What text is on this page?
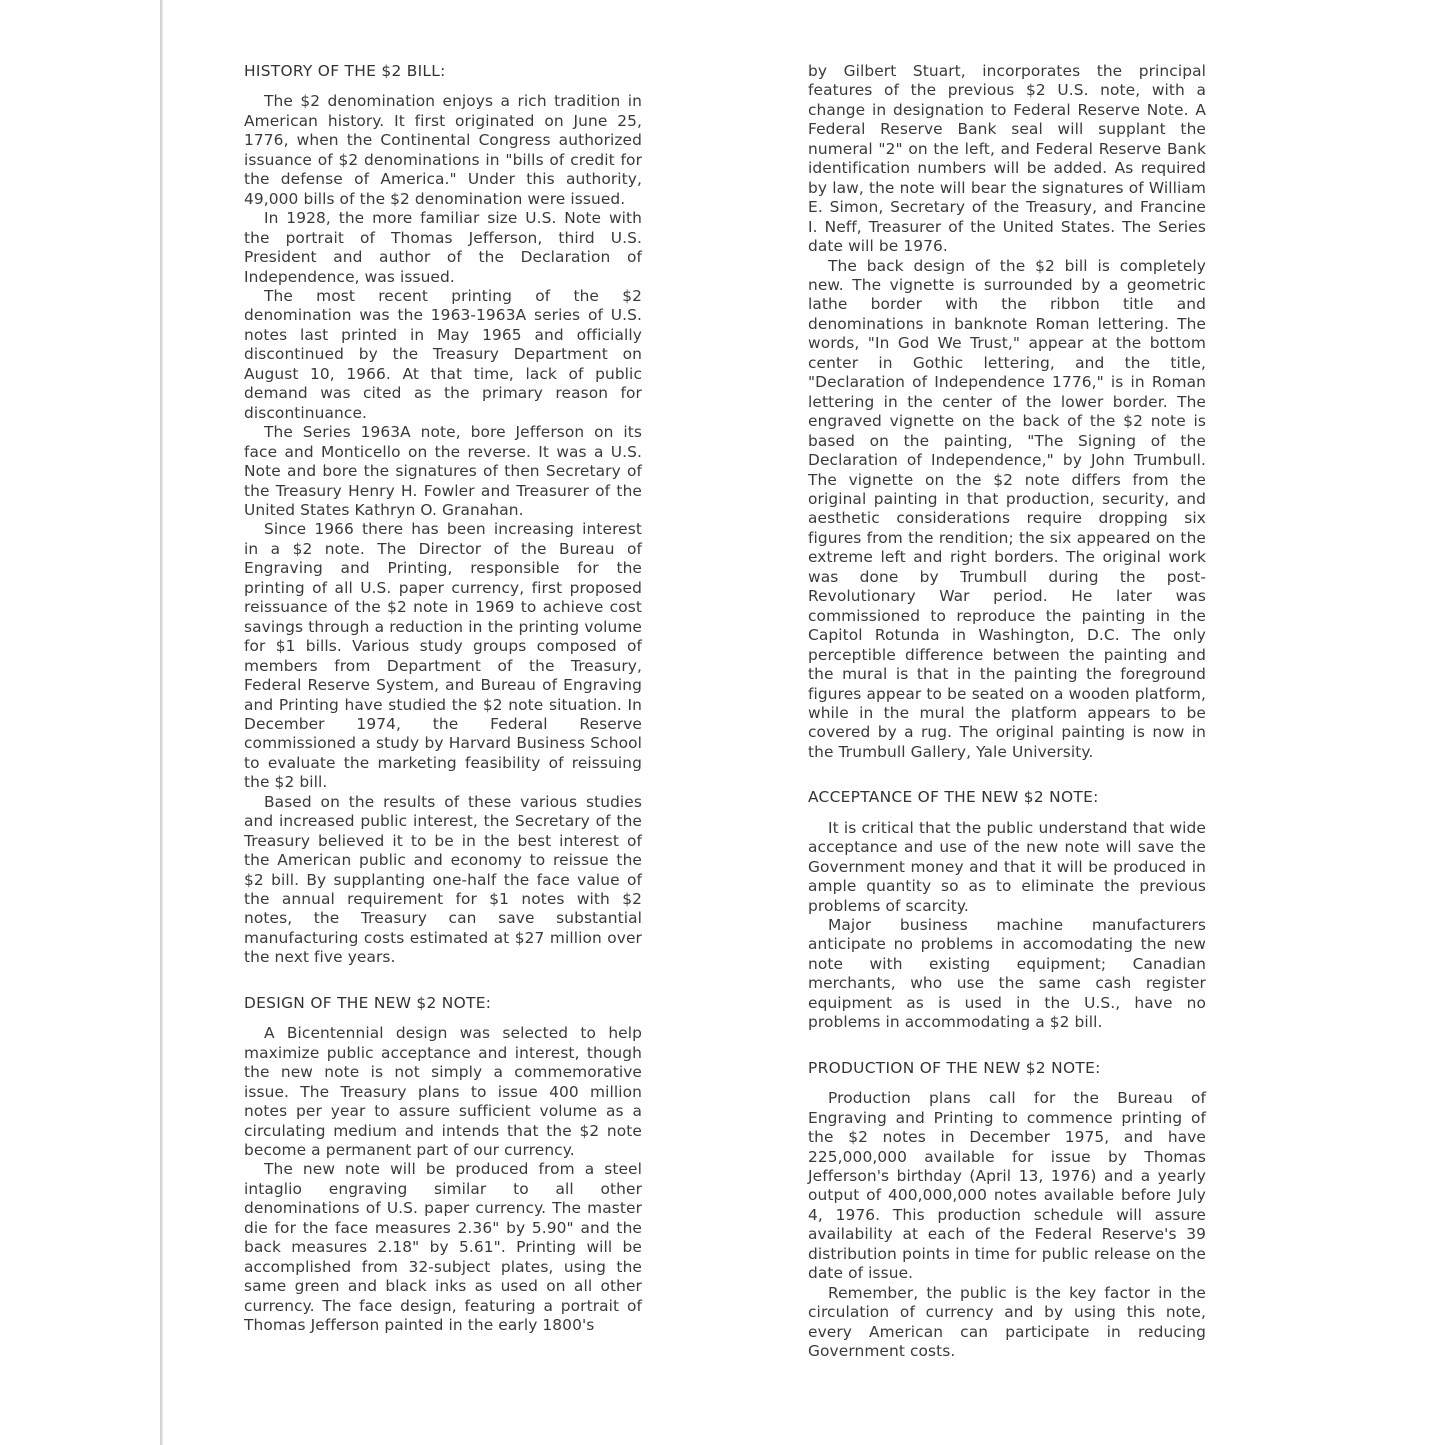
HISTORY OF THE $2 BILL:

The $2 denomination enjoys a rich tradition in American history. It first originated on June 25, 1776, when the Continental Congress authorized issuance of $2 denominations in "bills of credit for the defense of America." Under this authority, 49,000 bills of the $2 denomination were issued.

In 1928, the more familiar size U.S. Note with the portrait of Thomas Jefferson, third U.S. President and author of the Declaration of Independence, was issued.

The most recent printing of the $2 denomination was the 1963-1963A series of U.S. notes last printed in May 1965 and officially discontinued by the Treasury Department on August 10, 1966. At that time, lack of public demand was cited as the primary reason for discontinuance.

The Series 1963A note, bore Jefferson on its face and Monticello on the reverse. It was a U.S. Note and bore the signatures of then Secretary of the Treasury Henry H. Fowler and Treasurer of the United States Kathryn O. Granahan.

Since 1966 there has been increasing interest in a $2 note. The Director of the Bureau of Engraving and Printing, responsible for the printing of all U.S. paper currency, first proposed reissuance of the $2 note in 1969 to achieve cost savings through a reduction in the printing volume for $1 bills. Various study groups composed of members from Department of the Treasury, Federal Reserve System, and Bureau of Engraving and Printing have studied the $2 note situation. In December 1974, the Federal Reserve commissioned a study by Harvard Business School to evaluate the marketing feasibility of reissuing the $2 bill.

Based on the results of these various studies and increased public interest, the Secretary of the Treasury believed it to be in the best interest of the American public and economy to reissue the $2 bill. By supplanting one-half the face value of the annual requirement for $1 notes with $2 notes, the Treasury can save substantial manufacturing costs estimated at $27 million over the next five years.

DESIGN OF THE NEW $2 NOTE:

A Bicentennial design was selected to help maximize public acceptance and interest, though the new note is not simply a commemorative issue. The Treasury plans to issue 400 million notes per year to assure sufficient volume as a circulating medium and intends that the $2 note become a permanent part of our currency.

The new note will be produced from a steel intaglio engraving similar to all other denominations of U.S. paper currency. The master die for the face measures 2.36" by 5.90" and the back measures 2.18" by 5.61". Printing will be accomplished from 32-subject plates, using the same green and black inks as used on all other currency. The face design, featuring a portrait of Thomas Jefferson painted in the early 1800's

by Gilbert Stuart, incorporates the principal features of the previous $2 U.S. note, with a change in designation to Federal Reserve Note. A Federal Reserve Bank seal will supplant the numeral "2" on the left, and Federal Reserve Bank identification numbers will be added. As required by law, the note will bear the signatures of William E. Simon, Secretary of the Treasury, and Francine I. Neff, Treasurer of the United States. The Series date will be 1976.

The back design of the $2 bill is completely new. The vignette is surrounded by a geometric lathe border with the ribbon title and denominations in banknote Roman lettering. The words, "In God We Trust," appear at the bottom center in Gothic lettering, and the title, "Declaration of Independence 1776," is in Roman lettering in the center of the lower border. The engraved vignette on the back of the $2 note is based on the painting, "The Signing of the Declaration of Independence," by John Trumbull. The vignette on the $2 note differs from the original painting in that production, security, and aesthetic considerations require dropping six figures from the rendition; the six appeared on the extreme left and right borders. The original work was done by Trumbull during the post-Revolutionary War period. He later was commissioned to reproduce the painting in the Capitol Rotunda in Washington, D.C. The only perceptible difference between the painting and the mural is that in the painting the foreground figures appear to be seated on a wooden platform, while in the mural the platform appears to be covered by a rug. The original painting is now in the Trumbull Gallery, Yale University.

ACCEPTANCE OF THE NEW $2 NOTE:

It is critical that the public understand that wide acceptance and use of the new note will save the Government money and that it will be produced in ample quantity so as to eliminate the previous problems of scarcity.

Major business machine manufacturers anticipate no problems in accomodating the new note with existing equipment; Canadian merchants, who use the same cash register equipment as is used in the U.S., have no problems in accommodating a $2 bill.

PRODUCTION OF THE NEW $2 NOTE:

Production plans call for the Bureau of Engraving and Printing to commence printing of the $2 notes in December 1975, and have 225,000,000 available for issue by Thomas Jefferson's birthday (April 13, 1976) and a yearly output of 400,000,000 notes available before July 4, 1976. This production schedule will assure availability at each of the Federal Reserve's 39 distribution points in time for public release on the date of issue.

Remember, the public is the key factor in the circulation of currency and by using this note, every American can participate in reducing Government costs.
